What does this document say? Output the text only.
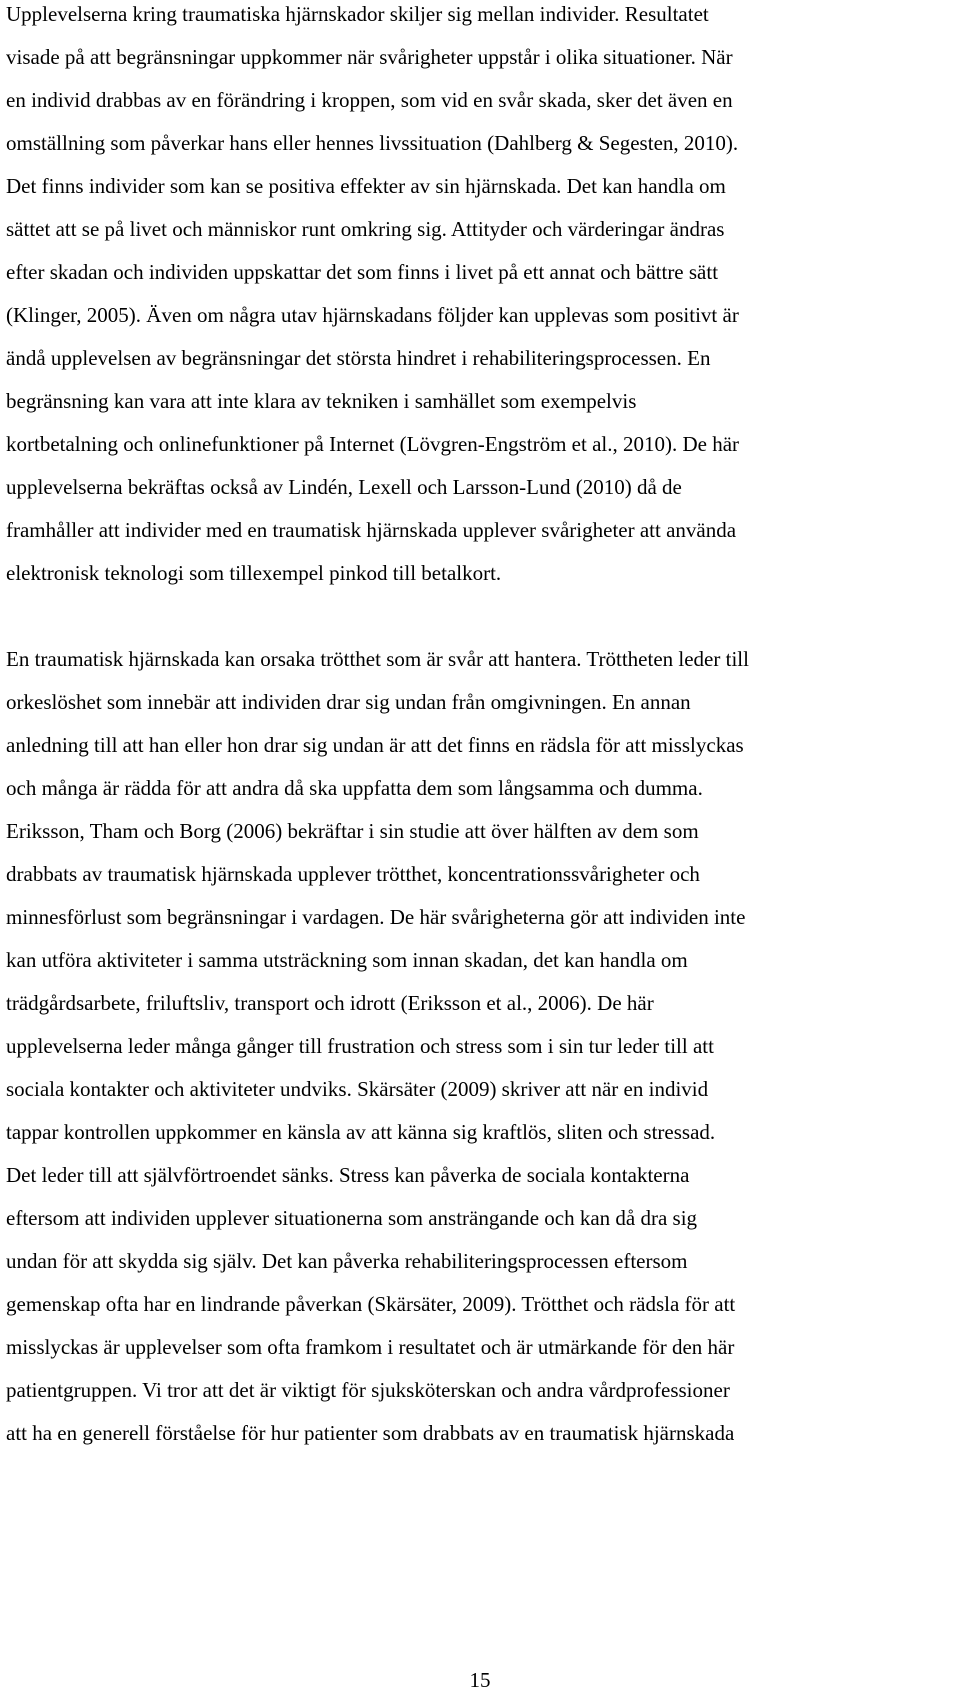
Upplevelserna kring traumatiska hjärnskador skiljer sig mellan individer. Resultatet
visade på att begränsningar uppkommer när svårigheter uppstår i olika situationer. När
en individ drabbas av en förändring i kroppen, som vid en svår skada, sker det även en
omställning som påverkar hans eller hennes livssituation (Dahlberg & Segesten, 2010).
Det finns individer som kan se positiva effekter av sin hjärnskada. Det kan handla om
sättet att se på livet och människor runt omkring sig. Attityder och värderingar ändras
efter skadan och individen uppskattar det som finns i livet på ett annat och bättre sätt
(Klinger, 2005). Även om några utav hjärnskadans följder kan upplevas som positivt är
ändå upplevelsen av begränsningar det största hindret i rehabiliteringsprocessen. En
begränsning kan vara att inte klara av tekniken i samhället som exempelvis
kortbetalning och onlinefunktioner på Internet (Lövgren-Engström et al., 2010). De här
upplevelserna bekräftas också av Lindén, Lexell och Larsson-Lund (2010) då de
framhåller att individer med en traumatisk hjärnskada upplever svårigheter att använda
elektronisk teknologi som tillexempel pinkod till betalkort.
En traumatisk hjärnskada kan orsaka trötthet som är svår att hantera. Tröttheten leder till
orkeslöshet som innebär att individen drar sig undan från omgivningen. En annan
anledning till att han eller hon drar sig undan är att det finns en rädsla för att misslyckas
och många är rädda för att andra då ska uppfatta dem som långsamma och dumma.
Eriksson, Tham och Borg (2006) bekräftar i sin studie att över hälften av dem som
drabbats av traumatisk hjärnskada upplever trötthet, koncentrationssvårigheter och
minnesförlust som begränsningar i vardagen. De här svårigheterna gör att individen inte
kan utföra aktiviteter i samma utsträckning som innan skadan, det kan handla om
trädgårdsarbete, friluftsliv, transport och idrott (Eriksson et al., 2006). De här
upplevelserna leder många gånger till frustration och stress som i sin tur leder till att
sociala kontakter och aktiviteter undviks. Skärsäter (2009) skriver att när en individ
tappar kontrollen uppkommer en känsla av att känna sig kraftlös, sliten och stressad.
Det leder till att självförtroendet sänks. Stress kan påverka de sociala kontakterna
eftersom att individen upplever situationerna som ansträngande och kan då dra sig
undan för att skydda sig själv. Det kan påverka rehabiliteringsprocessen eftersom
gemenskap ofta har en lindrande påverkan (Skärsäter, 2009). Trötthet och rädsla för att
misslyckas är upplevelser som ofta framkom i resultatet och är utmärkande för den här
patientgruppen. Vi tror att det är viktigt för sjuksköterskan och andra vårdprofessioner
att ha en generell förståelse för hur patienter som drabbats av en traumatisk hjärnskada
15
